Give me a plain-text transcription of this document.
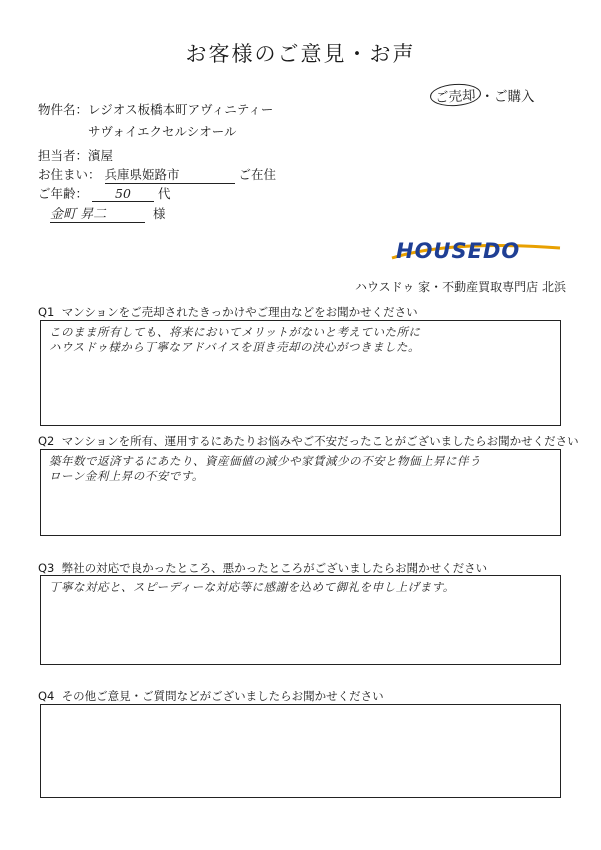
お客様のご意見・お声
ご売却 ・ご購入
物件名：レジオス板橋本町アヴィニティー
サヴォイエクセルシオール
担当者：濱屋
お住まい： 兵庫県姫路市	ご在住
ご年齢： 50 代
金町 昇二	様
HOUSEDO
ハウスドゥ 家・不動産買取専門店 北浜
Q1 マンションをご売却されたきっかけやご理由などをお聞かせください
このまま所有しても、将来においてメリットがないと考えていた所に
ハウスドゥ様から丁寧なアドバイスを頂き売却の決心がつきました。
Q2 マンションを所有、運用するにあたりお悩みやご不安だったことがございましたらお聞かせください
築年数で返済するにあたり、資産価値の減少や家賃減少の不安と物価上昇に伴う
ローン金利上昇の不安です。
Q3 弊社の対応で良かったところ、悪かったところがございましたらお聞かせください
丁寧な対応と、スピーディーな対応等に感謝を込めて御礼を申し上げます。
Q4 その他ご意見・ご質問などがございましたらお聞かせください
